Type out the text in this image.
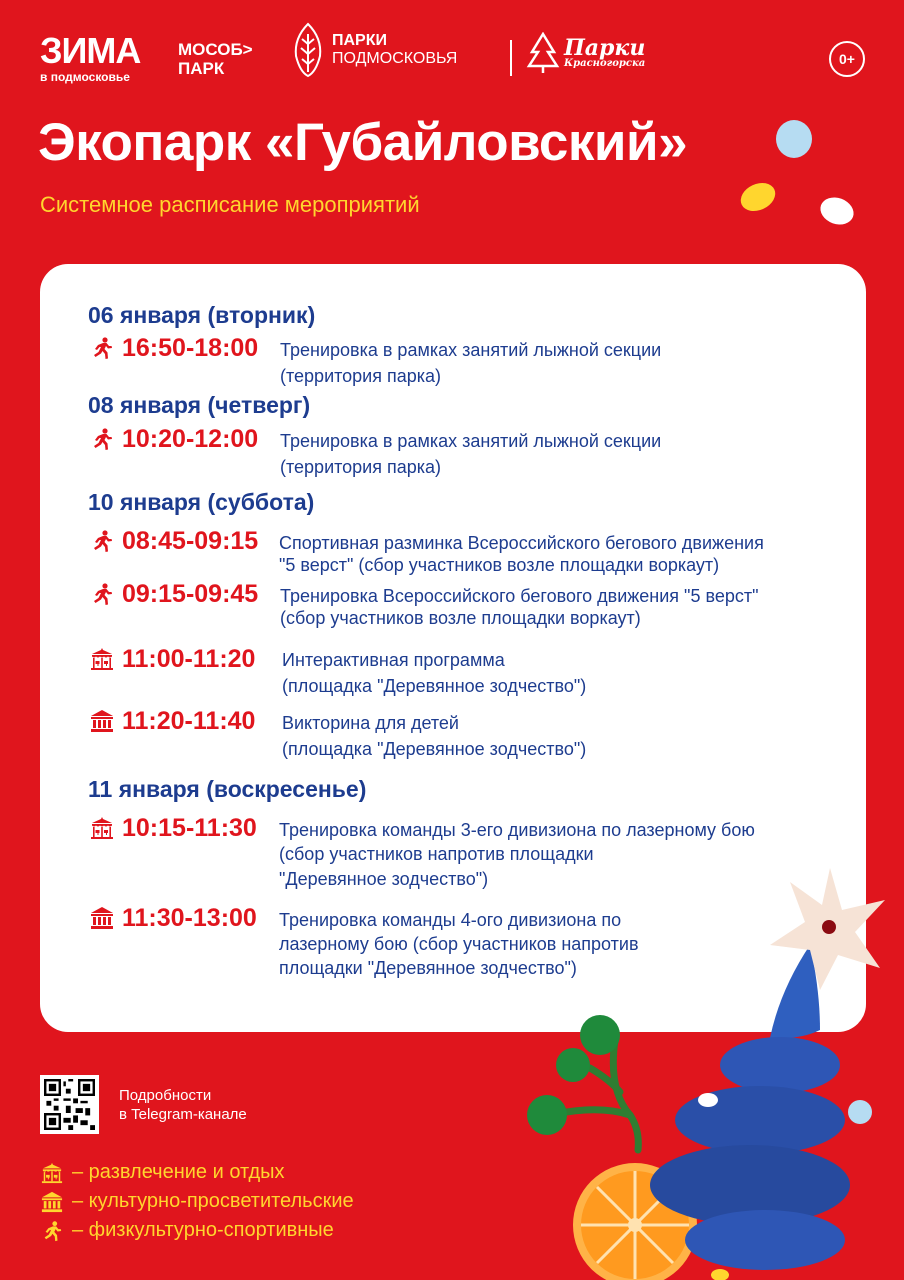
ЗИМА
в подмосковье
МОСОБ>
ПАРК
ПАРКИ
ПОДМОСКОВЬЯ	Парки
Красногорска	0+
Экопарк «Губайловский»
Системное расписание мероприятий
06 января (вторник)
16:50-18:00 Тренировка в рамках занятий лыжной секции
(территория парка)
08 января (четверг)
10:20-12:00 Тренировка в рамках занятий лыжной секции
(территория парка)
10 января (суббота)
08:45-09:15 Спортивная разминка Всероссийского бегового движения
"5 верст" (сбор участников возле площадки воркаут)
09:15-09:45 Тренировка Всероссийского бегового движения "5 верст"
(сбор участников возле площадки воркаут)
11:00-11:20 Интерактивная программа
(площадка "Деревянное зодчество")
11:20-11:40 Викторина для детей
(площадка "Деревянное зодчество")
11 января (воскресенье)
10:15-11:30 Тренировка команды 3-его дивизиона по лазерному бою
(сбор участников напротив площадки
"Деревянное зодчество")
11:30-13:00 Тренировка команды 4-ого дивизиона по
лазерному бою (сбор участников напротив
площадки "Деревянное зодчество")
Подробности
в Telegram-канале
– развлечение и отдых
– культурно-просветительские
– физкультурно-спортивные
